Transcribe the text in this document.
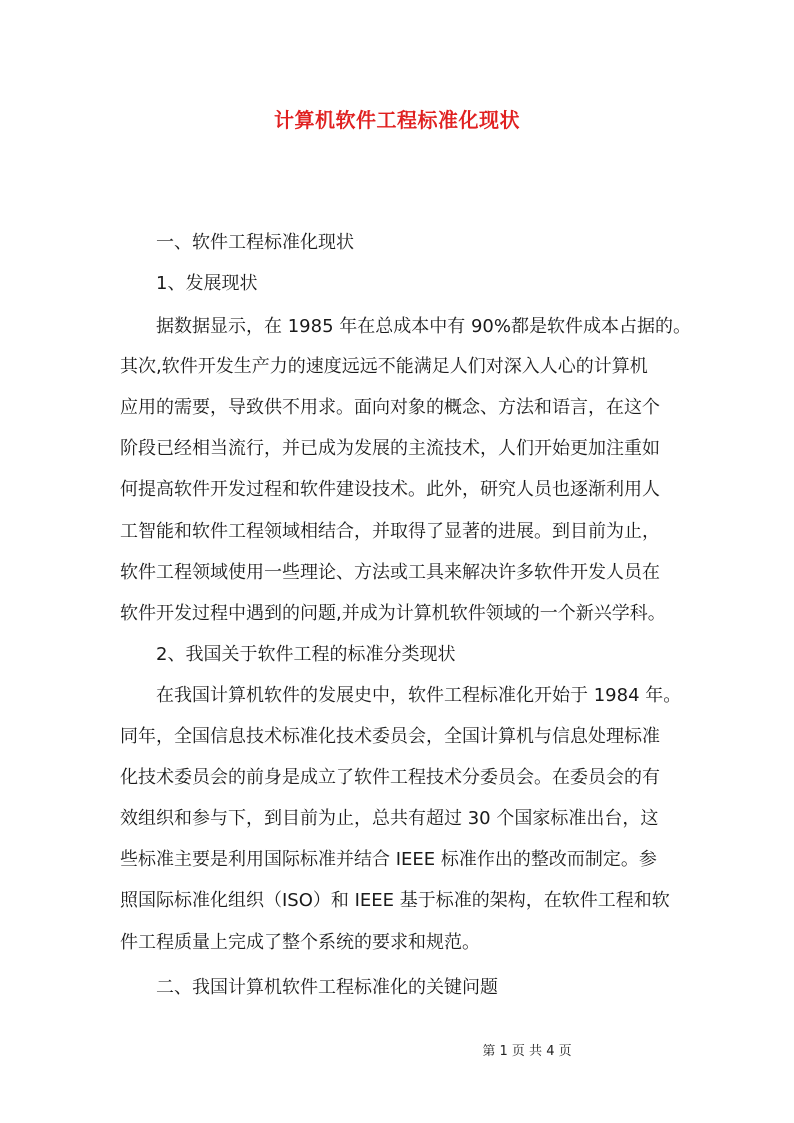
计算机软件工程标准化现状
一、软件工程标准化现状
1、发展现状
据数据显示，在 1985 年在总成本中有 90%都是软件成本占据的。
其次,软件开发生产力的速度远远不能满足人们对深入人心的计算机
应用的需要，导致供不用求。面向对象的概念、方法和语言，在这个
阶段已经相当流行，并已成为发展的主流技术，人们开始更加注重如
何提高软件开发过程和软件建设技术。此外，研究人员也逐渐利用人
工智能和软件工程领域相结合，并取得了显著的进展。到目前为止，
软件工程领域使用一些理论、方法或工具来解决许多软件开发人员在
软件开发过程中遇到的问题,并成为计算机软件领域的一个新兴学科。
2、我国关于软件工程的标准分类现状
在我国计算机软件的发展史中，软件工程标准化开始于 1984 年。
同年，全国信息技术标准化技术委员会，全国计算机与信息处理标准
化技术委员会的前身是成立了软件工程技术分委员会。在委员会的有
效组织和参与下，到目前为止，总共有超过 30 个国家标准出台，这
些标准主要是利用国际标准并结合 IEEE 标准作出的整改而制定。参
照国际标准化组织（ISO）和 IEEE 基于标准的架构，在软件工程和软
件工程质量上完成了整个系统的要求和规范。
二、我国计算机软件工程标准化的关键问题
第 1 页 共 4 页
